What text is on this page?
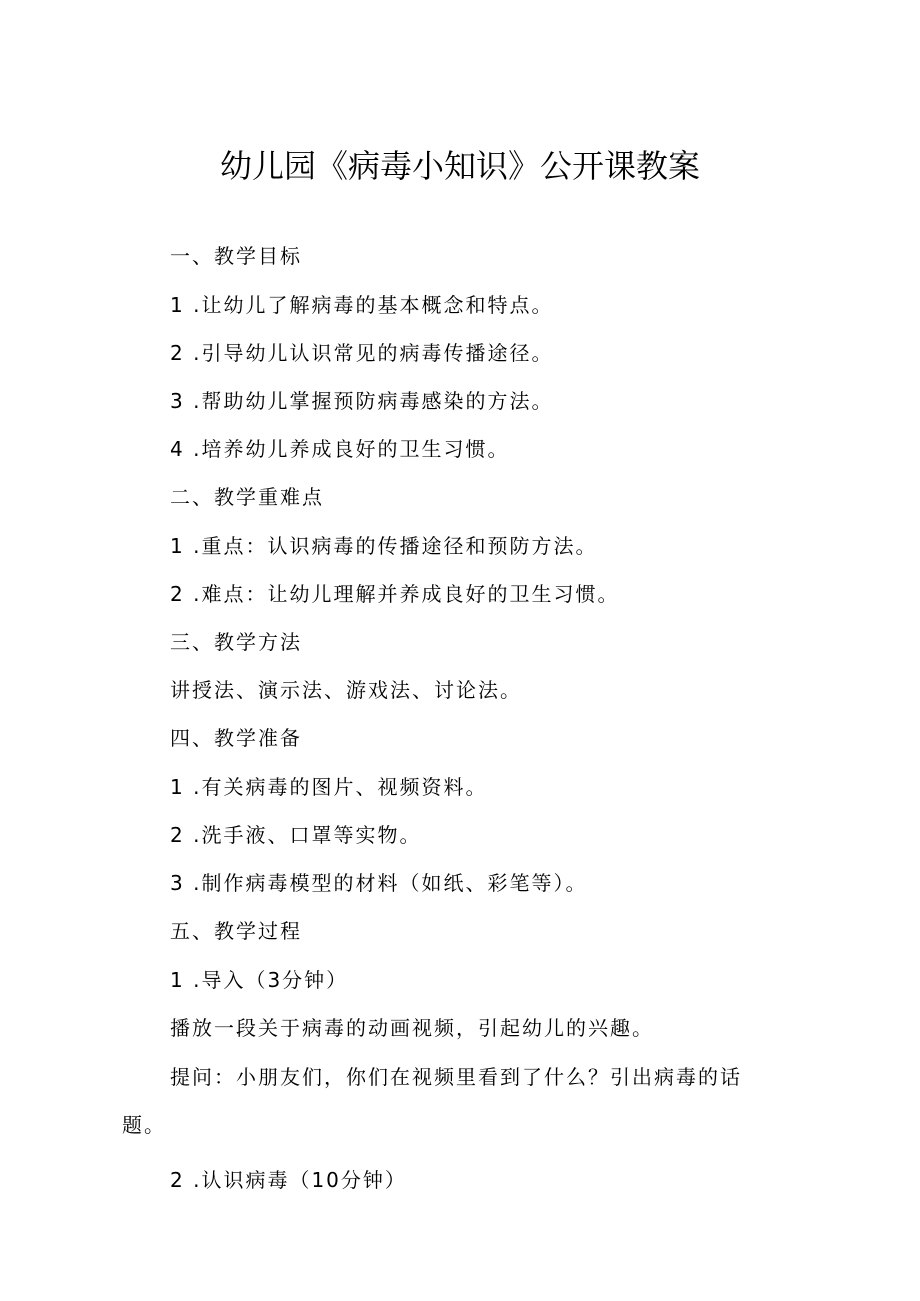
幼儿园《病毒小知识》公开课教案
一、教学目标
1 .让幼儿了解病毒的基本概念和特点。
2 .引导幼儿认识常见的病毒传播途径。
3 .帮助幼儿掌握预防病毒感染的方法。
4 .培养幼儿养成良好的卫生习惯。
二、教学重难点
1 .重点：认识病毒的传播途径和预防方法。
2 .难点：让幼儿理解并养成良好的卫生习惯。
三、教学方法
讲授法、演示法、游戏法、讨论法。
四、教学准备
1 .有关病毒的图片、视频资料。
2 .洗手液、口罩等实物。
3 .制作病毒模型的材料（如纸、彩笔等）。
五、教学过程
1 .导入（3分钟）
播放一段关于病毒的动画视频，引起幼儿的兴趣。
提问：小朋友们，你们在视频里看到了什么？引出病毒的话
题。
2 .认识病毒（10分钟）
